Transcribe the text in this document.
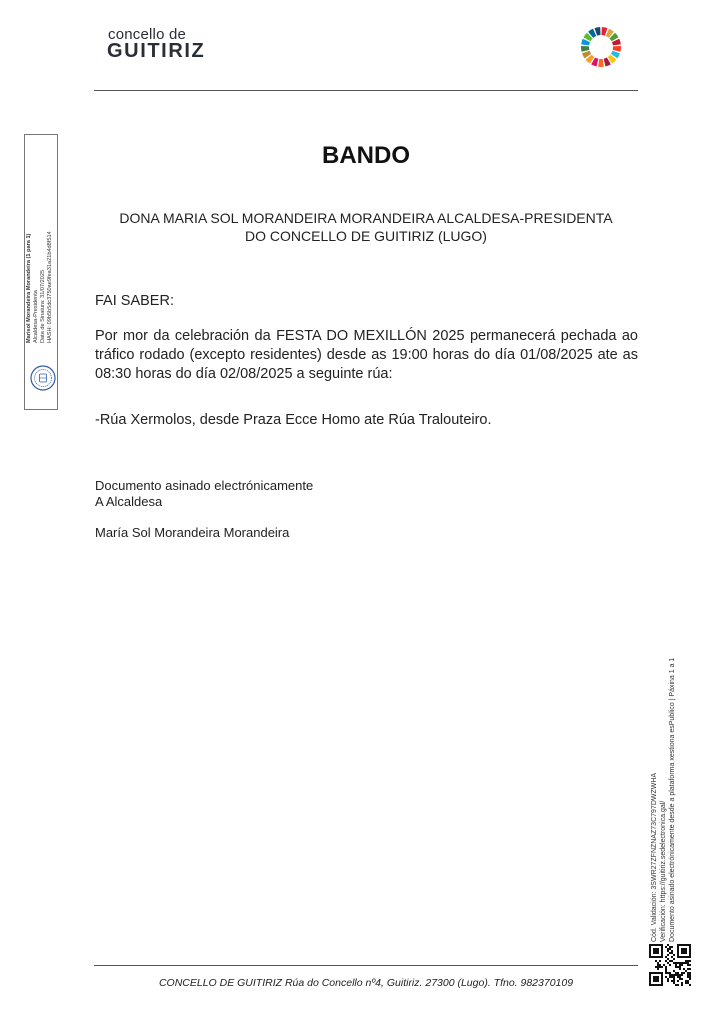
concello de
GUITIRIZ
Marisol Morandeira Morandeira (1 para 1) Alcaldesa-Presidenta Data de Sinatura: 31/07/2025 HASH: 09b5b5dc3750ae9fea31a21b4d8f514
BANDO
DONA MARIA SOL MORANDEIRA MORANDEIRA ALCALDESA-PRESIDENTA
DO CONCELLO DE GUITIRIZ (LUGO)
FAI SABER:
Por mor da celebración da FESTA DO MEXILLÓN 2025 permanecerá pechada ao tráfico rodado (excepto residentes) desde as 19:00 horas do día 01/08/2025 ate as 08:30 horas do día 02/08/2025 a seguinte rúa:
-Rúa Xermolos, desde Praza Ecce Homo ate Rúa Tralouteiro.
Documento asinado electrónicamente
A Alcaldesa
María Sol Morandeira Morandeira
Cód. Validación: 3SWR27ZFNZNAZ73C797DWZWHA Verificación: https://guitiriz.sedelectronica.gal/ Documento asinado electrónicamente desde a plataforma xestiona esPublico | Páxina 1 a 1
CONCELLO DE GUITIRIZ Rúa do Concello nº4, Guitiriz. 27300 (Lugo). Tfno. 982370109
